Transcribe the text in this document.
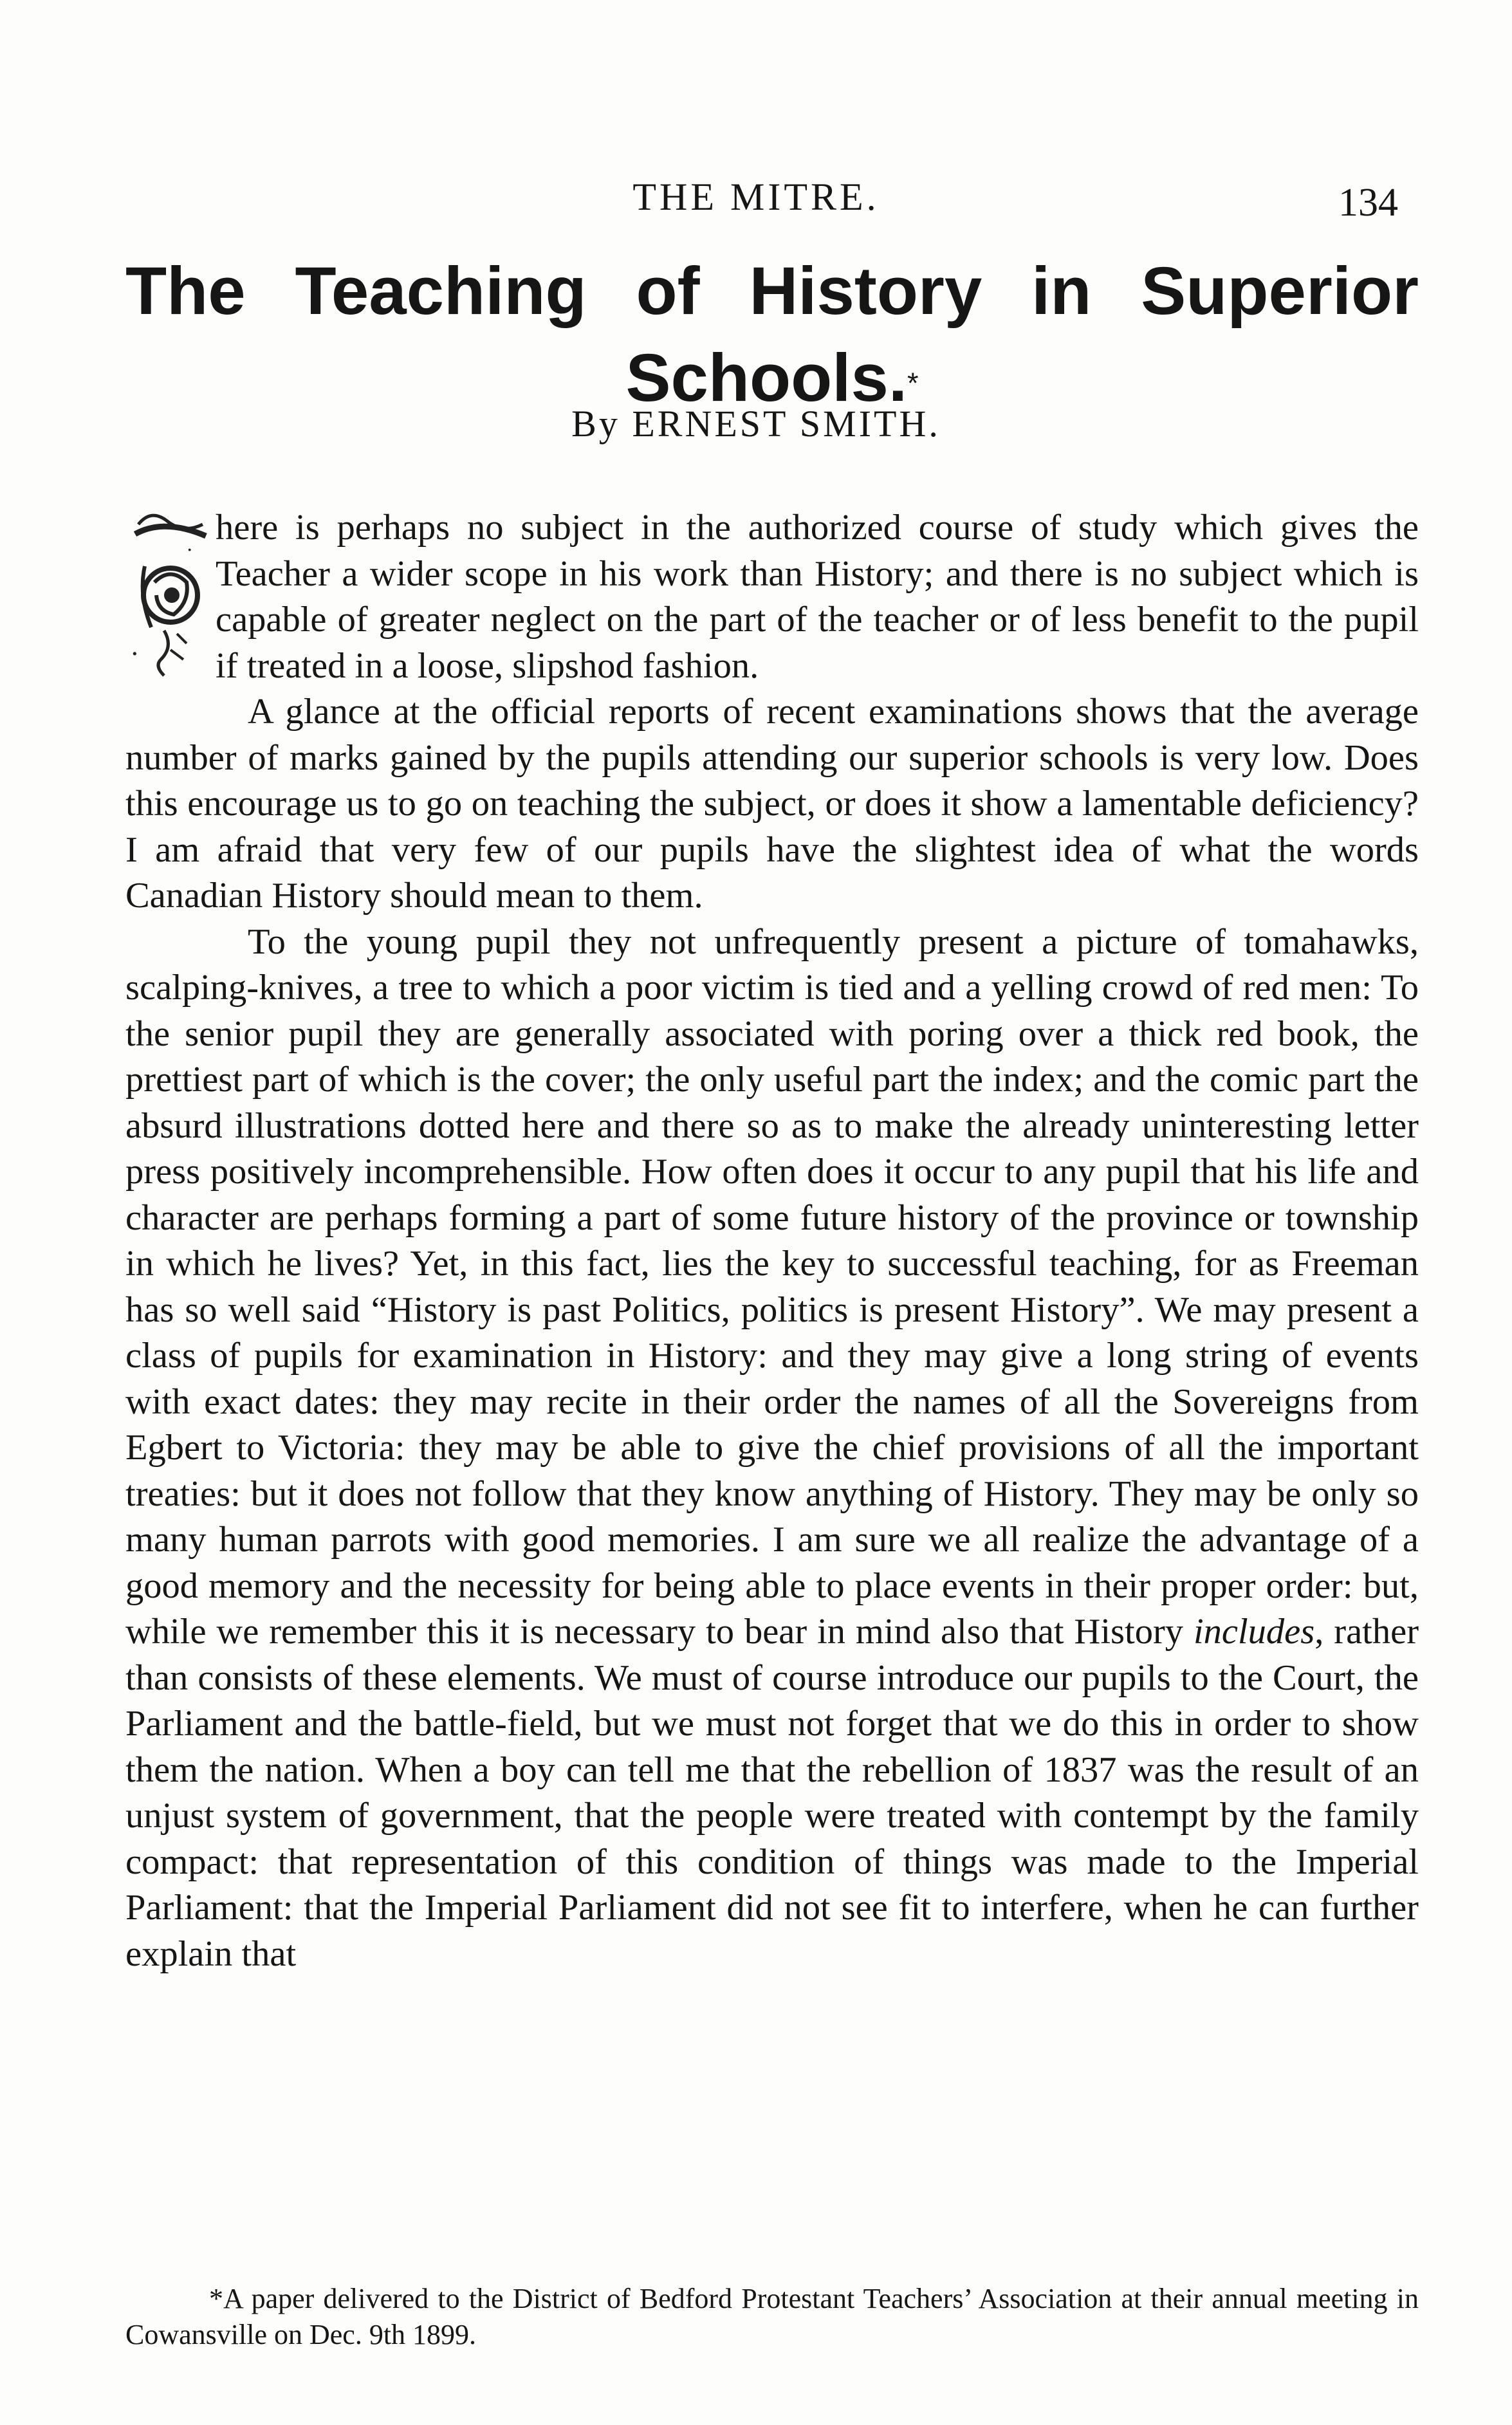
THE MITRE.	134
The Teaching of History in Superior Schools.*
By ERNEST SMITH.

·
·
here is perhaps no subject in the authorized course of study which gives the Teacher a wider scope in his work than History; and there is no subject which is capable of greater neglect on the part of the teacher or of less benefit to the pupil if treated in a loose, slipshod fashion.

A glance at the official reports of recent examinations shows that the average number of marks gained by the pupils attending our superior schools is very low. Does this encourage us to go on teaching the subject, or does it show a lamentable deficiency? I am afraid that very few of our pupils have the slightest idea of what the words Canadian History should mean to them.

To the young pupil they not unfrequently present a picture of tomahawks, scalping-knives, a tree to which a poor victim is tied and a yelling crowd of red men: To the senior pupil they are generally associated with poring over a thick red book, the prettiest part of which is the cover; the only useful part the index; and the comic part the absurd illustrations dotted here and there so as to make the already uninteresting letter press positively incomprehensible. How often does it occur to any pupil that his life and character are perhaps forming a part of some future history of the province or township in which he lives? Yet, in this fact, lies the key to successful teaching, for as Freeman has so well said “History is past Politics, politics is present History”. We may present a class of pupils for examination in History: and they may give a long string of events with exact dates: they may recite in their order the names of all the Sovereigns from Egbert to Victoria: they may be able to give the chief provisions of all the important treaties: but it does not follow that they know anything of History. They may be only so many human parrots with good memories. I am sure we all realize the advantage of a good memory and the necessity for being able to place events in their proper order: but, while we remember this it is necessary to bear in mind also that History includes, rather than consists of these elements. We must of course introduce our pupils to the Court, the Parliament and the battle-field, but we must not forget that we do this in order to show them the nation. When a boy can tell me that the rebellion of 1837 was the result of an unjust system of government, that the people were treated with contempt by the family compact: that representation of this condition of things was made to the Imperial Parliament: that the Imperial Parliament did not see fit to interfere, when he can further explain that

*A paper delivered to the District of Bedford Protestant Teachers’ Association at their annual meeting in Cowansville on Dec. 9th 1899.
